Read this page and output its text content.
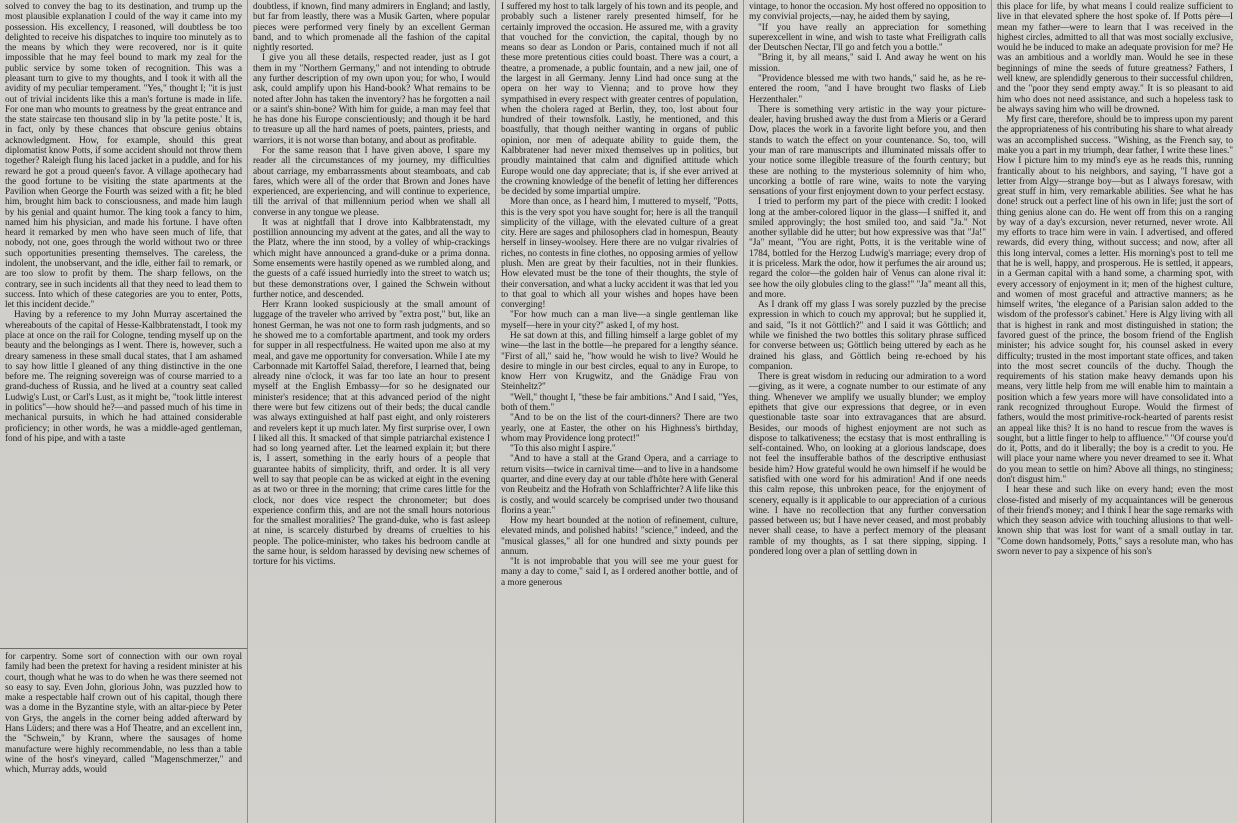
solved to convey the bag to its destination, and trump up the most plausible explanation I could of the way it came into my possession. His excellency, I reasoned, will doubtless be too delighted to receive his dispatches to inquire too minutely as to the means by which they were recovered, nor is it quite impossible that he may feel bound to mark my zeal for the public service by some token of recognition. This was a pleasant turn to give to my thoughts, and I took it with all the avidity of my peculiar temperament. "Yes," thought I; "it is just out of trivial incidents like this a man's fortune is made in life. For one man who mounts to greatness by the great entrance and the state staircase ten thousand slip in by 'la petite poste.' It is, in fact, only by these chances that obscure genius obtains acknowledgment. How, for example, should this great diplomatist know Potts, if some accident should not throw them together? Raleigh flung his laced jacket in a puddle, and for his reward he got a proud queen's favor. A village apothecary had the good fortune to be visiting the state apartments at the Pavilion when George the Fourth was seized with a fit; he bled him, brought him back to consciousness, and made him laugh by his genial and quaint humor. The king took a fancy to him, named him his physician, and made his fortune. I have often heard it remarked by men who have seen much of life, that nobody, not one, goes through the world without two or three such opportunities presenting themselves. The careless, the indolent, the unobservant, and the idle, either fail to remark, or are too slow to profit by them. The sharp fellows, on the contrary, see in such incidents all that they need to lead them to success. Into which of these categories are you to enter, Potts, let this incident decide."

Having by a reference to my John Murray ascertained the whereabouts of the capital of Hesse-Kalbbratenstadt, I took my place at once on the rail for Cologne, tending myself up on the beauty and the belongings as I went. There is, however, such a dreary sameness in these small ducal states, that I am ashamed to say how little I gleaned of any thing distinctive in the one before me. The reigning sovereign was of course married to a grand-duchess of Russia, and he lived at a country seat called Ludwig's Lust, or Carl's Lust, as it might be, "took little interest in politics"—how should he?—and passed much of his time in mechanical pursuits, in which he had attained considerable proficiency; in other words, he was a middle-aged gentleman, fond of his pipe, and with a taste

for carpentry. Some sort of connection with our own royal family had been the pretext for having a resident minister at his court, though what he was to do when he was there seemed not so easy to say. Even John, glorious John, was puzzled how to make a respectable half crown out of his capital, though there was a dome in the Byzantine style, with an altar-piece by Peter von Grys, the angels in the corner being added afterward by Hans Lüders; and there was a Hof Theatre, and an excellent inn, the "Schwein," by Krann, where the sausages of home manufacture were highly recommendable, no less than a table wine of the host's vineyard, called "Magenschmerzer," and which, Murray adds, would

doubtless, if known, find many admirers in England; and lastly, but far from leastly, there was a Musik Garten, where popular pieces were performed very finely by an excellent German band, and to which promenade all the fashion of the capital nightly resorted.

I give you all these details, respected reader, just as I got them in my "Northern Germany," and not intending to obtrude any further description of my own upon you; for who, I would ask, could amplify upon his Hand-book? What remains to be noted after John has taken the inventory? has he forgotten a nail or a saint's shin-bone? With him for guide, a man may feel that he has done his Europe conscientiously; and though it be hard to treasure up all the hard names of poets, painters, priests, and warriors, it is not worse than botany, and about as profitable.

For the same reason that I have given above, I spare my reader all the circumstances of my journey, my difficulties about carriage, my embarrassments about steamboats, and cab fares, which were all of the order that Brown and Jones have experienced, are experiencing, and will continue to experience, till the arrival of that millennium period when we shall all converse in any tongue we please.

It was at nightfall that I drove into Kalbbratenstadt, my postillion announcing my advent at the gates, and all the way to the Platz, where the inn stood, by a volley of whip-crackings which might have announced a grand-duke or a prima donna. Some ensements were hastily opened as we rumbled along, and the guests of a café issued hurriedly into the street to watch us; but these demonstrations over, I gained the Schwein without further notice, and descended.

Herr Krann looked suspiciously at the small amount of luggage of the traveler who arrived by "extra post," but, like an honest German, he was not one to form rash judgments, and so he showed me to a comfortable apartment, and took my orders for supper in all respectfulness. He waited upon me also at my meal, and gave me opportunity for conversation. While I ate my Carbonnade mit Kartoffel Salad, therefore, I learned that, being already nine o'clock, it was far too late an hour to present myself at the English Embassy—for so he designated our minister's residence; that at this advanced period of the night there were but few citizens out of their beds; the ducal candle was always extinguished at half past eight, and only roisterers and revelers kept it up much later. My first surprise over, I own I liked all this. It smacked of that simple patriarchal existence I had so long yearned after. Let the learned explain it; but there is, I assert, something in the early hours of a people that guarantee habits of simplicity, thrift, and order. It is all very well to say that people can be as wicked at eight in the evening as at two or three in the morning; that crime cares little for the clock, nor does vice respect the chronometer; but does experience confirm this, and are not the small hours notorious for the smallest moralities? The grand-duke, who is fast asleep at nine, is scarcely disturbed by dreams of cruelties to his people. The police-minister, who takes his bedroom candle at the same hour, is seldom harassed by devising new schemes of torture for his victims.

I suffered my host to talk largely of his town and its people, and probably such a listener rarely presented himself, for he certainly improved the occasion. He assured me, with a gravity that vouched for the conviction, the capital, though by no means so dear as London or Paris, contained much if not all these more pretentious cities could boast. There was a court, a theatre, a promenade, a public fountain, and a new jail, one of the largest in all Germany. Jenny Lind had once sung at the opera on her way to Vienna; and to prove how they sympathised in every respect with greater centres of population, when the cholera raged at Berlin, they, too, lost about four hundred of their townsfolk. Lastly, he mentioned, and this boastfully, that though neither wanting in organs of public opinion, nor men of adequate ability to guide them, the Kalbbratener had never mixed themselves up in politics, but proudly maintained that calm and dignified attitude which Europe would one day appreciate; that is, if she ever arrived at the crowning knowledge of the benefit of letting her differences be decided by some impartial umpire.

More than once, as I heard him, I muttered to myself, "Potts, this is the very spot you have sought for; here is all the tranquil simplicity of the village, with the elevated culture of a great city. Here are sages and philosophers clad in homespun, Beauty herself in linsey-woolsey. Here there are no vulgar rivalries of riches, no contests in fine clothes, no opposing armies of yellow plush. Men are great by their faculties, not in their flunkies. How elevated must be the tone of their thoughts, the style of their conversation, and what a lucky accident it was that led you to that goal to which all your wishes and hopes have been converging!

"For how much can a man live—a single gentleman like myself—here in your city?" asked I, of my host.

He sat down at this, and filling himself a large goblet of my wine—the last in the bottle—he prepared for a lengthy séance. "First of all," said he, "how would he wish to live? Would he desire to mingle in our best circles, equal to any in Europe, to know Herr von Krugwitz, and the Gnädige Frau von Steinheltz?"

"Well," thought I, "these be fair ambitions." And I said, "Yes, both of them."

"And to be on the list of the court-dinners? There are two yearly, one at Easter, the other on his Highness's birthday, whom may Providence long protect!"

"To this also might I aspire."

"And to have a stall at the Grand Opera, and a carriage to return visits—twice in carnival time—and to live in a handsome quarter, and dine every day at our table d'hôte here with General von Reubeitz and the Hofrath von Schlaffrichter? A life like this is costly, and would scarcely be comprised under two thousand florins a year."

How my heart bounded at the notion of refinement, culture, elevated minds, and polished habits! "science," indeed, and the "musical glasses," all for one hundred and sixty pounds per annum.

"It is not improbable that you will see me your guest for many a day to come," said I, as I ordered another bottle, and of a more generous

vintage, to honor the occasion. My host offered no opposition to my convivial projects,—nay, he aided them by saying,

"If you have really an appreciation for something superexcellent in wine, and wish to taste what Freiligrath calls der Deutschen Nectar, I'll go and fetch you a bottle."

"Bring it, by all means," said I. And away he went on his mission.

"Providence blessed me with two hands," said he, as he re-entered the room, "and I have brought two flasks of Lieb Herzenthaler."

There is something very artistic in the way your picture-dealer, having brushed away the dust from a Mieris or a Gerard Dow, places the work in a favorite light before you, and then stands to watch the effect on your countenance. So, too, will your man of rare manuscripts and illuminated missals offer to your notice some illegible treasure of the fourth century; but these are nothing to the mysterious solemnity of him who, uncorking a bottle of rare wine, waits to note the varying sensations of your first enjoyment down to your perfect ecstasy.

I tried to perform my part of the piece with credit: I looked long at the amber-colored liquor in the glass—I sniffed it, and smiled approvingly; the host smiled too, and said "Ja." Not another syllable did he utter; but how expressive was that "Ja!" "Ja" meant, "You are right, Potts, it is the veritable wine of 1784, bottled for the Herzog Ludwig's marriage; every drop of it is priceless. Mark the odor, how it perfumes the air around us; regard the color—the golden hair of Venus can alone rival it: see how the oily globules cling to the glass!" "Ja" meant all this, and more.

As I drank off my glass I was sorely puzzled by the precise expression in which to couch my approval; but he supplied it, and said, "Is it not Göttlich?" and I said it was Göttlich; and while we finished the two bottles this solitary phrase sufficed for converse between us; Göttlich being uttered by each as he drained his glass, and Göttlich being re-echoed by his companion.

There is great wisdom in reducing our admiration to a word—giving, as it were, a cognate number to our estimate of any thing. Whenever we amplify we usually blunder; we employ epithets that give our expressions that degree, or in even questionable taste soar into extravagances that are absurd. Besides, our moods of highest enjoyment are not such as dispose to talkativeness; the ecstasy that is most enthralling is self-contained. Who, on looking at a glorious landscape, does not feel the insufferable bathos of the descriptive enthusiast beside him? How grateful would he own himself if he would be satisfied with one word for his admiration! And if one needs this calm repose, this unbroken peace, for the enjoyment of scenery, equally is it applicable to our appreciation of a curious wine. I have no recollection that any further conversation passed between us; but I have never ceased, and most probably never shall cease, to have a perfect memory of the pleasant ramble of my thoughts, as I sat there sipping, sipping. I pondered long over a plan of settling down in

this place for life, by what means I could realize sufficient to live in that elevated sphere the host spoke of. If Potts père—I mean my father—were to learn that I was received in the highest circles, admitted to all that was most socially exclusive, would he be induced to make an adequate provision for me? He was an ambitious and a worldly man. Would he see in these beginnings of mine the seeds of future greatness? Fathers, I well knew, are splendidly generous to their successful children, and the "poor they send empty away." It is so pleasant to aid him who does not need assistance, and such a hopeless task to be always saving him who will be drowned.

My first care, therefore, should be to impress upon my parent the appropriateness of his contributing his share to what already was an accomplished success. "Wishing, as the French say, to make you a part in my triumph, dear father, I write these lines." How I picture him to my mind's eye as he reads this, running frantically about to his neighbors, and saying, "I have got a letter from Algy—strange boy—but as I always foresaw, with great stuff in him, very remarkable abilities. See what he has done! struck out a perfect line of his own in life; just the sort of thing genius alone can do. He went off from this on a ranging by way of a day's excursion, never returned, never wrote. All my efforts to trace him were in vain. I advertised, and offered rewards, did every thing, without success; and now, after all this long interval, comes a letter. His morning's post to tell me that he is well, happy, and prosperous. He is settled, it appears, in a German capital with a hand some, a charming spot, with every accessory of enjoyment in it; men of the highest culture, and women of most graceful and attractive manners; as he himself writes, 'the elegance of a Parisian salon added to the wisdom of the professor's cabinet.' Here is Algy living with all that is highest in rank and most distinguished in station; the favored guest of the prince, the bosom friend of the English minister; his advice sought for, his counsel asked in every difficulty; trusted in the most important state offices, and taken into the most secret councils of the duchy. Though the requirements of his station make heavy demands upon his means, very little help from me will enable him to maintain a position which a few years more will have consolidated into a rank recognized throughout Europe. Would the firmest of fathers, would the most primitive-rock-hearted of parents resist an appeal like this? It is no hand to rescue from the waves is sought, but a little finger to help to affluence." "Of course you'd do it, Potts, and do it liberally; the boy is a credit to you. He will place your name where you never dreamed to see it. What do you mean to settle on him? Above all things, no stinginess; don't disgust him."

I hear these and such like on every hand; even the most close-fisted and miserly of my acquaintances will be generous of their friend's money; and I think I hear the sage remarks with which they season advice with touching allusions to that well-known ship that was lost for want of a small outlay in tar. "Come down handsomely, Potts," says a resolute man, who has sworn never to pay a sixpence of his son's
